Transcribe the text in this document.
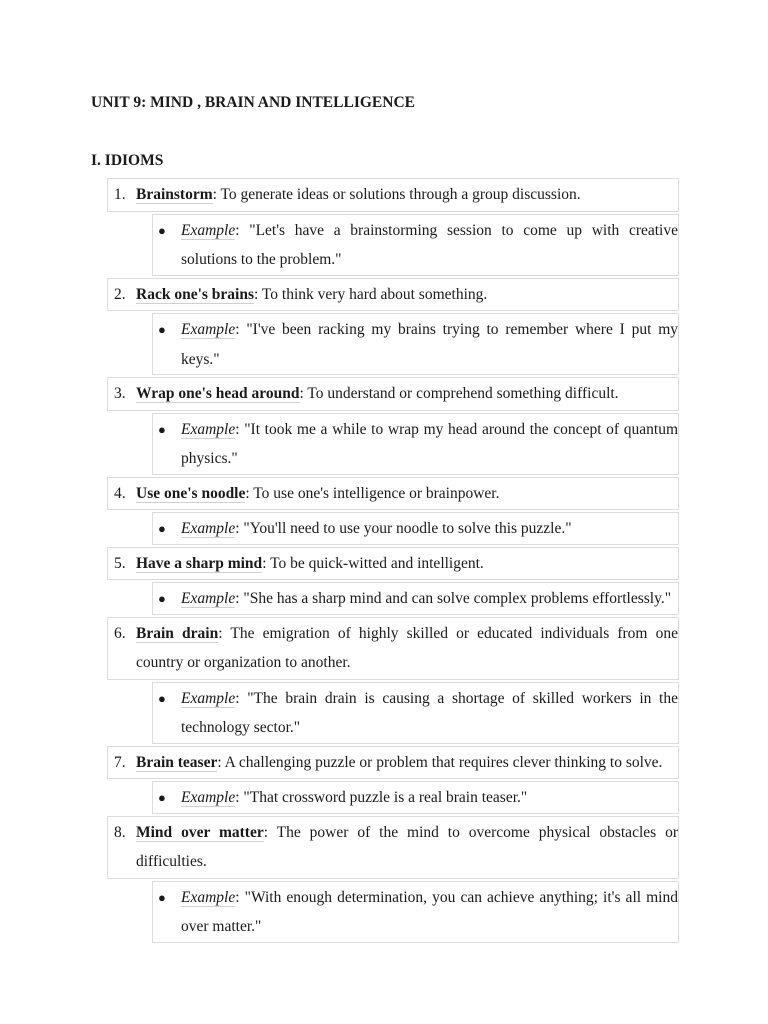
UNIT 9: MIND , BRAIN AND INTELLIGENCE
I. IDIOMS
1. Brainstorm: To generate ideas or solutions through a group discussion.
● Example: "Let's have a brainstorming session to come up with creative solutions to the problem."
2. Rack one's brains: To think very hard about something.
● Example: "I've been racking my brains trying to remember where I put my keys."
3. Wrap one's head around: To understand or comprehend something difficult.
● Example: "It took me a while to wrap my head around the concept of quantum physics."
4. Use one's noodle: To use one's intelligence or brainpower.
● Example: "You'll need to use your noodle to solve this puzzle."
5. Have a sharp mind: To be quick-witted and intelligent.
● Example: "She has a sharp mind and can solve complex problems effortlessly."
6. Brain drain: The emigration of highly skilled or educated individuals from one country or organization to another.
● Example: "The brain drain is causing a shortage of skilled workers in the technology sector."
7. Brain teaser: A challenging puzzle or problem that requires clever thinking to solve.
● Example: "That crossword puzzle is a real brain teaser."
8. Mind over matter: The power of the mind to overcome physical obstacles or difficulties.
● Example: "With enough determination, you can achieve anything; it's all mind over matter."
